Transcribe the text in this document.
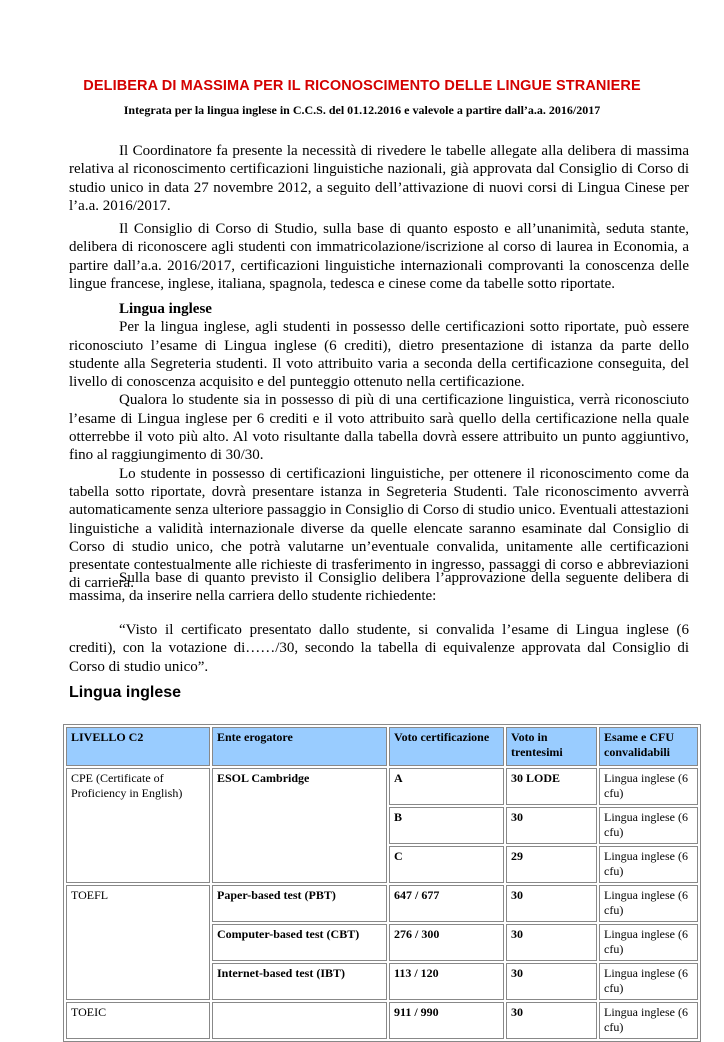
DELIBERA DI MASSIMA PER IL RICONOSCIMENTO DELLE LINGUE STRANIERE
Integrata per la lingua inglese in C.C.S. del 01.12.2016 e valevole a partire dall’a.a. 2016/2017

Il Coordinatore fa presente la necessità di rivedere le tabelle allegate alla delibera di massima relativa al riconoscimento certificazioni linguistiche nazionali, già approvata dal Consiglio di Corso di studio unico in data 27 novembre 2012, a seguito dell’attivazione di nuovi corsi di Lingua Cinese per l’a.a. 2016/2017.

Il Consiglio di Corso di Studio, sulla base di quanto esposto e all’unanimità, seduta stante, delibera di riconoscere agli studenti con immatricolazione/iscrizione al corso di laurea in Economia, a partire dall’a.a. 2016/2017, certificazioni linguistiche internazionali comprovanti la conoscenza delle lingue francese, inglese, italiana, spagnola, tedesca e cinese come da tabelle sotto riportate.

Lingua inglese

Per la lingua inglese, agli studenti in possesso delle certificazioni sotto riportate, può essere riconosciuto l’esame di Lingua inglese (6 crediti), dietro presentazione di istanza da parte dello studente alla Segreteria studenti. Il voto attribuito varia a seconda della certificazione conseguita, del livello di conoscenza acquisito e del punteggio ottenuto nella certificazione.

Qualora lo studente sia in possesso di più di una certificazione linguistica, verrà riconosciuto l’esame di Lingua inglese per 6 crediti e il voto attribuito sarà quello della certificazione nella quale otterrebbe il voto più alto. Al voto risultante dalla tabella dovrà essere attribuito un punto aggiuntivo, fino al raggiungimento di 30/30.

Lo studente in possesso di certificazioni linguistiche, per ottenere il riconoscimento come da tabella sotto riportate, dovrà presentare istanza in Segreteria Studenti. Tale riconoscimento avverrà automaticamente senza ulteriore passaggio in Consiglio di Corso di studio unico. Eventuali attestazioni linguistiche a validità internazionale diverse da quelle elencate saranno esaminate dal Consiglio di Corso di studio unico, che potrà valutarne un’eventuale convalida, unitamente alle certificazioni presentate contestualmente alle richieste di trasferimento in ingresso, passaggi di corso e abbreviazioni di carriera.

Sulla base di quanto previsto il Consiglio delibera l’approvazione della seguente delibera di massima, da inserire nella carriera dello studente richiedente:

“Visto il certificato presentato dallo studente, si convalida l’esame di Lingua inglese (6 crediti), con la votazione di……/30, secondo la tabella di equivalenze approvata dal Consiglio di Corso di studio unico”.

Lingua inglese
LIVELLO C2	Ente erogatore	Voto certificazione	Voto in trentesimi	Esame e CFU convalidabili
CPE (Certificate of Proficiency in English)	ESOL Cambridge	A	30 LODE	Lingua inglese (6 cfu)
		B	30	Lingua inglese (6 cfu)
		C	29	Lingua inglese (6 cfu)
TOEFL	Paper-based test (PBT)	647 / 677	30	Lingua inglese (6 cfu)
	Computer-based test (CBT)	276 / 300	30	Lingua inglese (6 cfu)
	Internet-based test (IBT)	113 / 120	30	Lingua inglese (6 cfu)
TOEIC		911 / 990	30	Lingua inglese (6 cfu)
